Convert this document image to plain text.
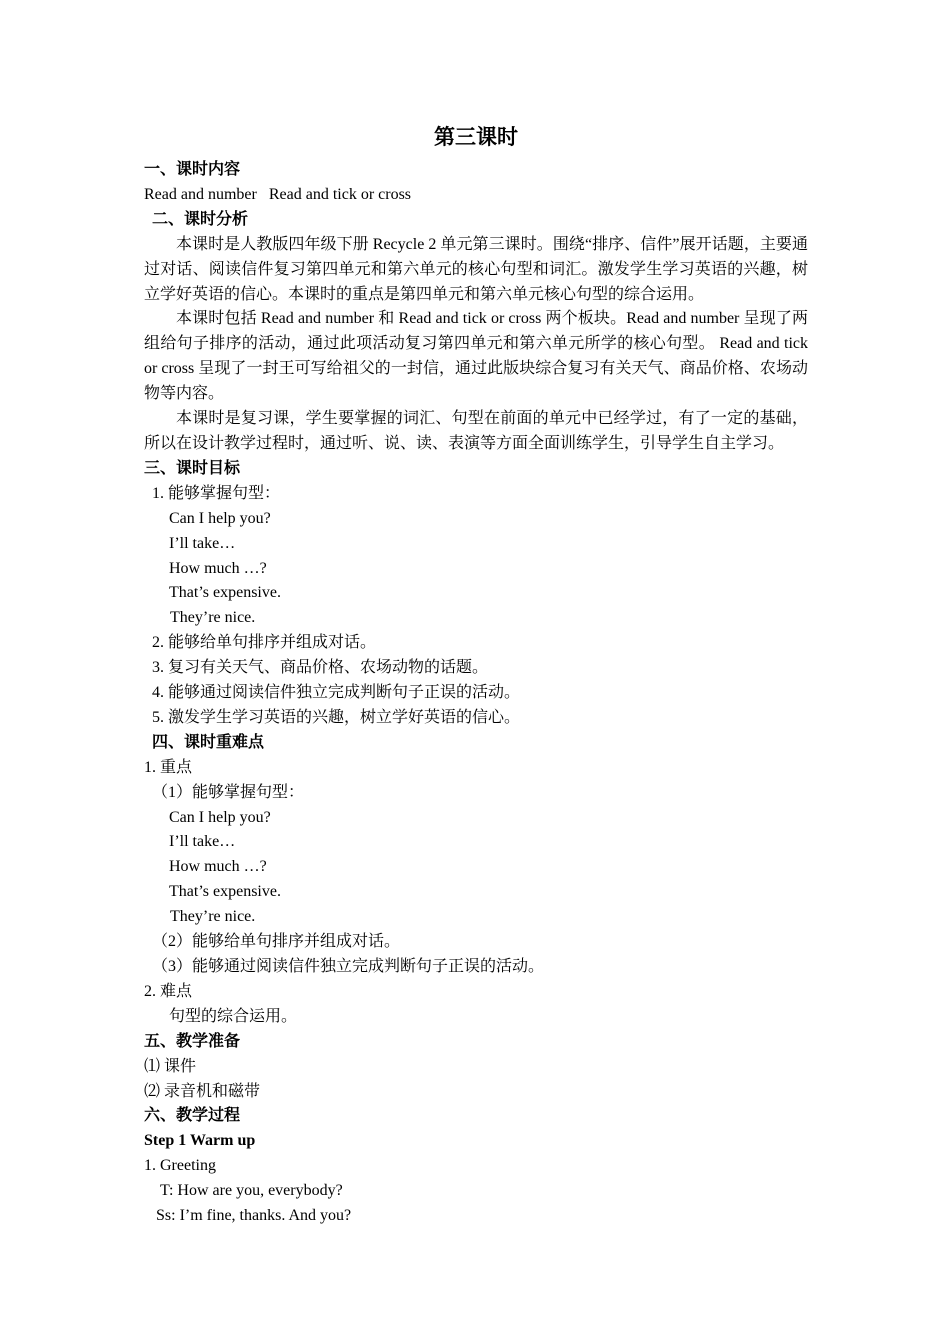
第三课时
一、课时内容
Read and number   Read and tick or cross
二、课时分析
本课时是人教版四年级下册 Recycle 2 单元第三课时。围绕“排序、信件”展开话题，主要通过对话、阅读信件复习第四单元和第六单元的核心句型和词汇。激发学生学习英语的兴趣，树立学好英语的信心。本课时的重点是第四单元和第六单元核心句型的综合运用。
本课时包括 Read and number 和 Read and tick or cross 两个板块。Read and number 呈现了两组给句子排序的活动，通过此项活动复习第四单元和第六单元所学的核心句型。 Read and tick or cross 呈现了一封王可写给祖父的一封信，通过此版块综合复习有关天气、商品价格、农场动物等内容。
本课时是复习课，学生要掌握的词汇、句型在前面的单元中已经学过，有了一定的基础，所以在设计教学过程时，通过听、说、读、表演等方面全面训练学生，引导学生自主学习。
三、课时目标
1. 能够掌握句型：
Can I help you?
I’ll take…
How much …?
That’s expensive.
They’re nice.
2. 能够给单句排序并组成对话。
3. 复习有关天气、商品价格、农场动物的话题。
4. 能够通过阅读信件独立完成判断句子正误的活动。
5. 激发学生学习英语的兴趣，树立学好英语的信心。
四、课时重难点
1. 重点
（1）能够掌握句型：
Can I help you?
I’ll take…
How much …?
That’s expensive.
They’re nice.
（2）能够给单句排序并组成对话。
（3）能够通过阅读信件独立完成判断句子正误的活动。
2. 难点
句型的综合运用。
五、教学准备
⑴ 课件
⑵ 录音机和磁带
六、教学过程
Step 1 Warm up
1. Greeting
T: How are you, everybody?
Ss: I’m fine, thanks. And you?
